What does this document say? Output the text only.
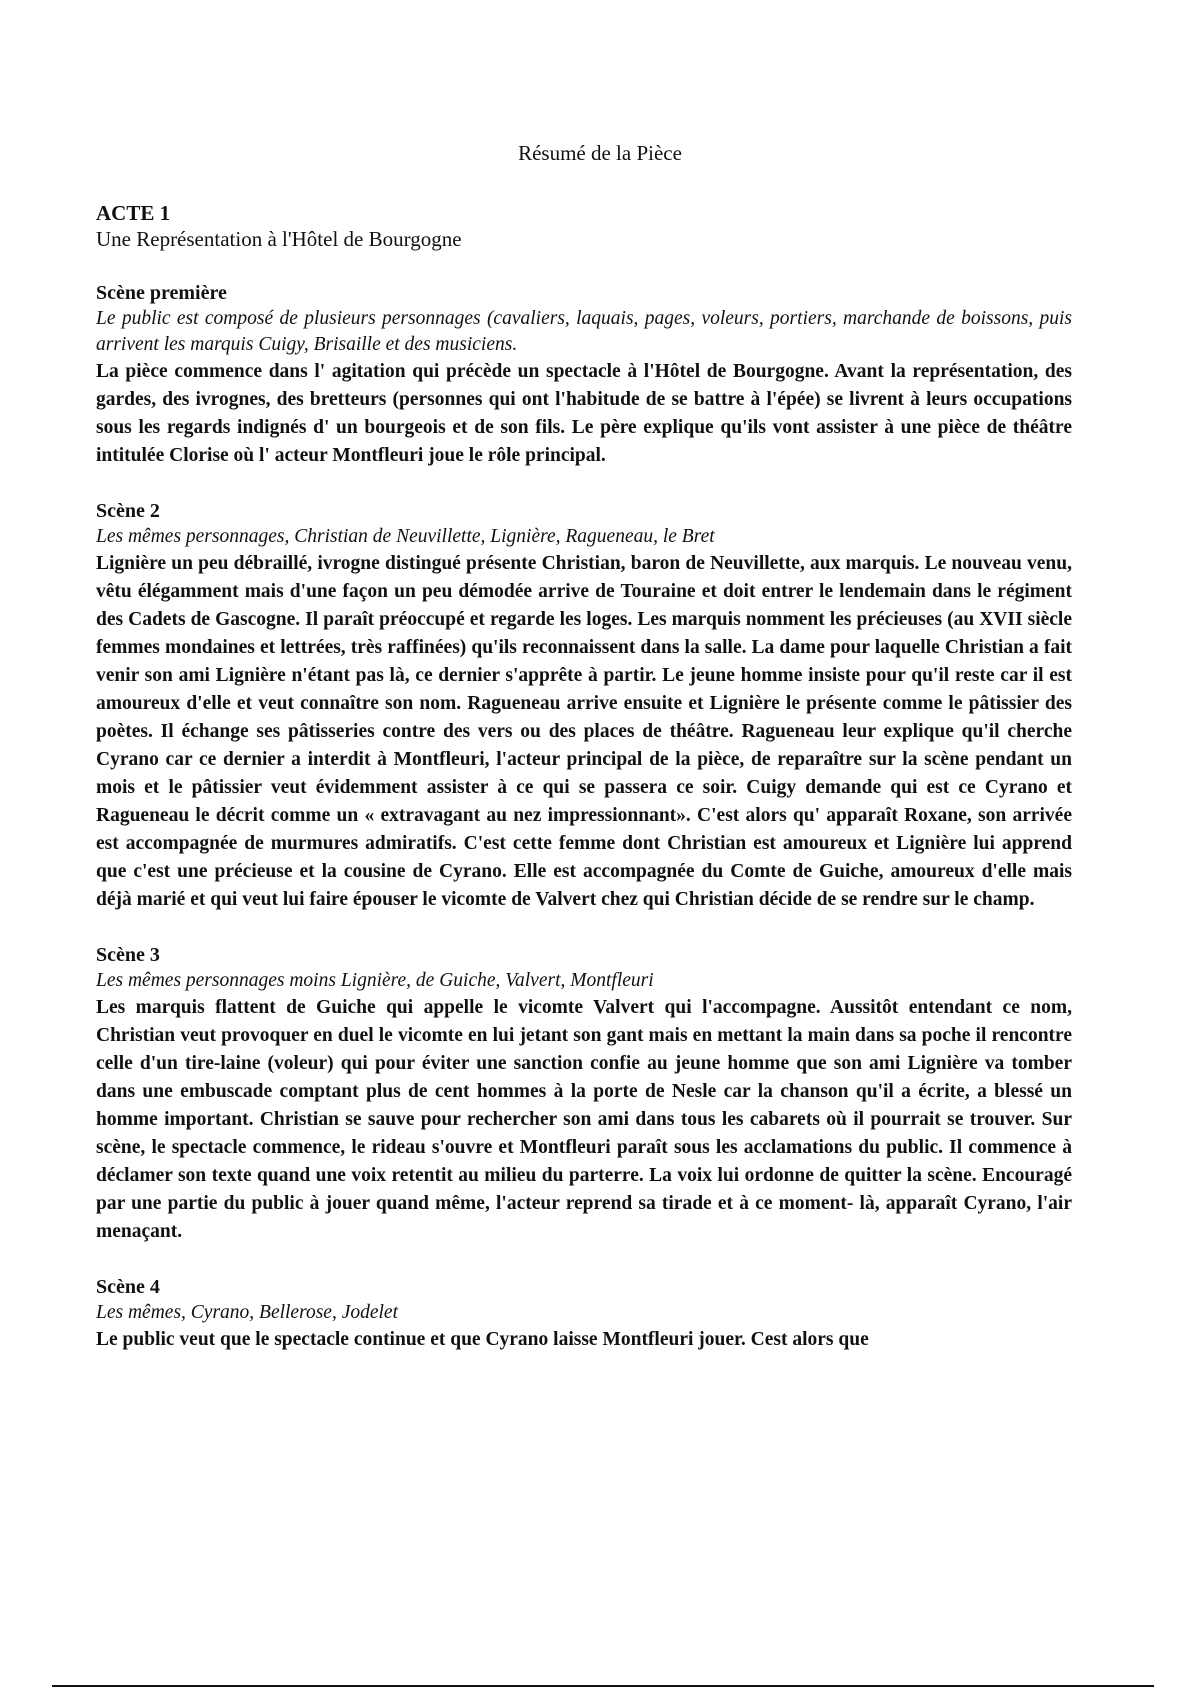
Résumé de la Pièce
ACTE 1
Une Représentation à l'Hôtel de Bourgogne
Scène première
Le public est composé de plusieurs personnages (cavaliers, laquais, pages, voleurs, portiers, marchande de boissons, puis arrivent les marquis Cuigy, Brisaille et des musiciens.
La pièce commence dans l' agitation qui précède un spectacle à l'Hôtel de Bourgogne. Avant la représentation, des gardes, des ivrognes, des bretteurs (personnes qui ont l'habitude de se battre à l'épée) se livrent à leurs occupations sous les regards indignés d' un bourgeois et de son fils. Le père explique qu'ils vont assister à une pièce de théâtre intitulée Clorise où l' acteur Montfleuri joue le rôle principal.
Scène 2
Les mêmes personnages, Christian de Neuvillette, Lignière, Ragueneau, le Bret
Lignière un peu débraillé, ivrogne distingué présente Christian, baron de Neuvillette, aux marquis. Le nouveau venu, vêtu élégamment mais d'une façon un peu démodée arrive de Touraine et doit entrer le lendemain dans le régiment des Cadets de Gascogne. Il paraît préoccupé et regarde les loges. Les marquis nomment les précieuses (au XVII siècle femmes mondaines et lettrées, très raffinées) qu'ils reconnaissent dans la salle. La dame pour laquelle Christian a fait venir son ami Lignière n'étant pas là, ce dernier s'apprête à partir. Le jeune homme insiste pour qu'il reste car il est amoureux d'elle et veut connaître son nom. Ragueneau arrive ensuite et Lignière le présente comme le pâtissier des poètes. Il échange ses pâtisseries contre des vers ou des places de théâtre. Ragueneau leur explique qu'il cherche Cyrano car ce dernier a interdit à Montfleuri, l'acteur principal de la pièce, de reparaître sur la scène pendant un mois et le pâtissier veut évidemment assister à ce qui se passera ce soir. Cuigy demande qui est ce Cyrano et Ragueneau le décrit comme un « extravagant au nez impressionnant». C'est alors qu' apparaît Roxane, son arrivée est accompagnée de murmures admiratifs. C'est cette femme dont Christian est amoureux et Lignière lui apprend que c'est une précieuse et la cousine de Cyrano. Elle est accompagnée du Comte de Guiche, amoureux d'elle mais déjà marié et qui veut lui faire épouser le vicomte de Valvert chez qui Christian décide de se rendre sur le champ.
Scène 3
Les mêmes personnages moins Lignière, de Guiche, Valvert, Montfleuri
Les marquis flattent de Guiche qui appelle le vicomte Valvert qui l'accompagne. Aussitôt entendant ce nom, Christian veut provoquer en duel le vicomte en lui jetant son gant mais en mettant la main dans sa poche il rencontre celle d'un tire-laine (voleur) qui pour éviter une sanction confie au jeune homme que son ami Lignière va tomber dans une embuscade comptant plus de cent hommes à la porte de Nesle car la chanson qu'il a écrite, a blessé un homme important. Christian se sauve pour rechercher son ami dans tous les cabarets où il pourrait se trouver. Sur scène, le spectacle commence, le rideau s'ouvre et Montfleuri paraît sous les acclamations du public. Il commence à déclamer son texte quand une voix retentit au milieu du parterre. La voix lui ordonne de quitter la scène. Encouragé par une partie du public à jouer quand même, l'acteur reprend sa tirade et à ce moment- là, apparaît Cyrano, l'air menaçant.
Scène 4
Les mêmes, Cyrano, Bellerose, Jodelet
Le public veut que le spectacle continue et que Cyrano laisse Montfleuri jouer. Cest alors que
